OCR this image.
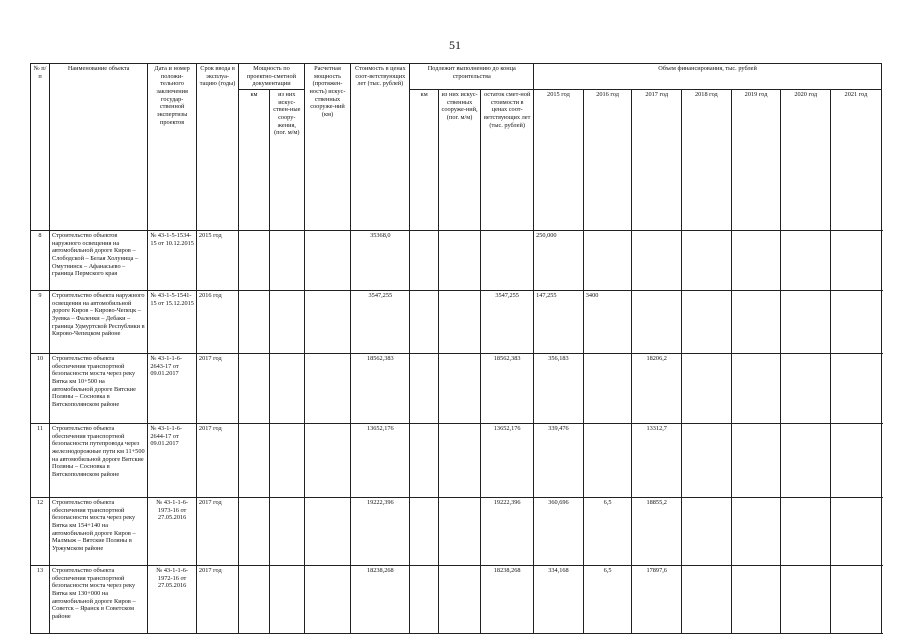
51
№ п/п	Наименование объекта	Дата и номер положи-тельного заключения государ-ственной экспертизы проектов	Срок ввода в эксплуа-тацию (годы)	Мощность по проектно-сметной документации		Расчетная мощность (протяжен-ность) искус-ственных сооруже-ний (км)	Стоимость в ценах соот-ветствующих лет (тыс. рублей)	Подлежит выполнению до конца строительства			Объем финансирования, тыс. рублей							
				км	из них искус-ствен-ные соору-жения, (пог. м/м)			км	из них искус-ственных сооруже-ний, (пог. м/м)	остаток смет-ной стоимости в ценах соот-ветствующих лет (тыс. рублей)	2015 год	2016 год	2017 год	2018 год	2019 год	2020 год	2021 год	
8	Строительство объектов наружного освещения на автомобильной дороге Киров – Слободской – Белая Холуница – Омутнинск – Афанасьево – граница Пермского края	№ 43-1-5-1534-15 от 10.12.2015	2015 год				35368,0				250,000							
9	Строительство объекта наружного освещения на автомобильной дороге Киров – Кирово-Чепецк – Зуевка – Фаленки – Дебаки – граница Удмуртской Республики в Кирово-Чепецком районе	№ 43-1-5-1541-15 от 15.12.2015	2016 год				3547,255			3547,255	147,255	3400						
10	Строительство объекта обеспечения транспортной безопасности моста через реку Вятка км 10+500 на автомобильной дороге Вятские Поляны – Сосновка в Вятскополянском районе	№ 43-1-1-6-2643-17 от 09.01.2017	2017 год				18562,383			18562,383	356,183		18206,2					
11	Строительство объекта обеспечения транспортной безопасности путепровода через железнодорожные пути км 11+500 на автомобильной дороге Вятские Поляны – Сосновка в Вятскополянском районе	№ 43-1-1-6-2644-17 от 09.01.2017	2017 год				13652,176			13652,176	339,476		13312,7					
12	Строительство объекта обеспечения транспортной безопасности моста через реку Вятка км 154+140 на автомобильной дороге Киров – Малмыж – Вятские Поляны в Уржумском районе	№ 43-1-1-6-1973-16 от 27.05.2016	2017 год				19222,396			19222,396	360,696	6,5	18855,2					
13	Строительство объекта обеспечения транспортной безопасности моста через реку Вятка км 130+000 на автомобильной дороге Киров – Советск – Яранск в Советском районе	№ 43-1-1-6-1972-16 от 27.05.2016	2017 год				18238,268			18238,268	334,168	6,5	17897,6					
